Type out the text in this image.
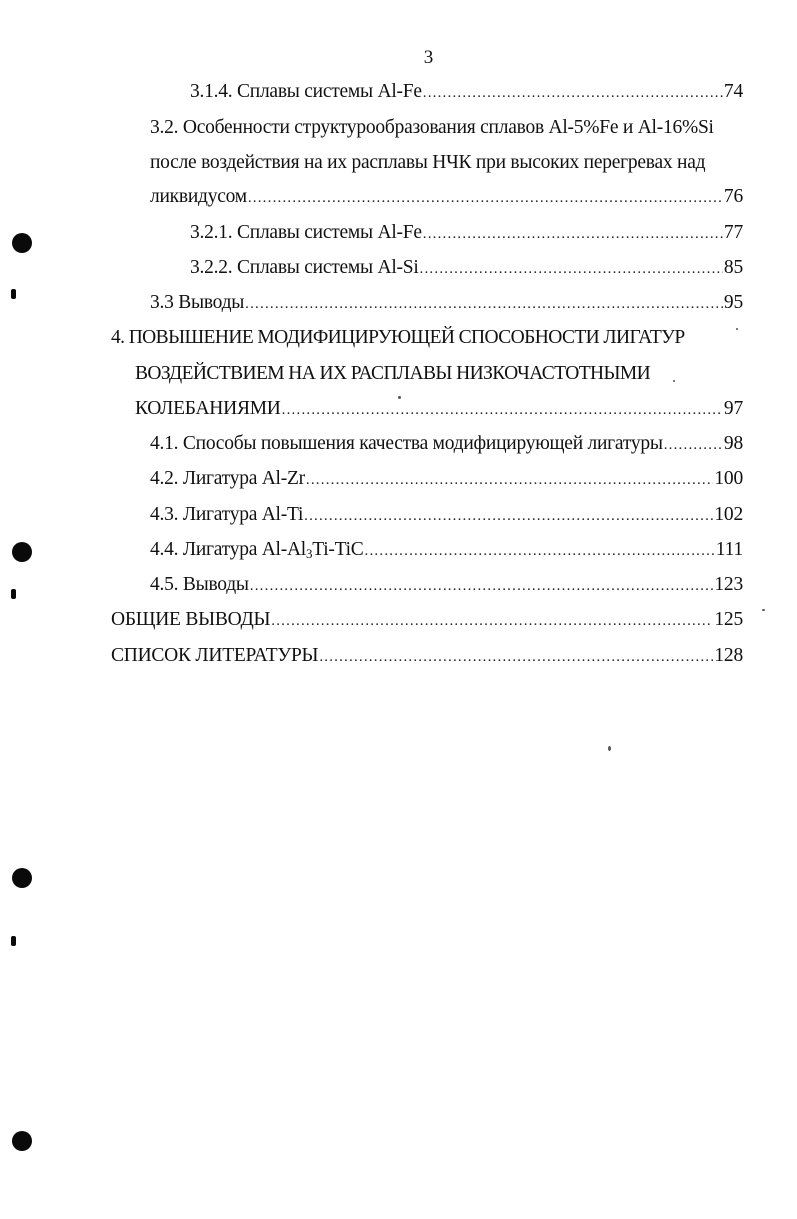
3
3.1.4. Сплавы системы Al-Fe .....	74
3.2. Особенности структурообразования сплавов Al-5%Fe и Al-16%Si
после воздействия на их расплавы НЧК при высоких перегревах над
ликвидусом .....	76
3.2.1. Сплавы системы Al-Fe .....	77
3.2.2. Сплавы системы Al-Si .....	85
3.3 Выводы .....	95
4. ПОВЫШЕНИЕ МОДИФИЦИРУЮЩЕЙ СПОСОБНОСТИ ЛИГАТУР
ВОЗДЕЙСТВИЕМ НА ИХ РАСПЛАВЫ НИЗКОЧАСТОТНЫМИ
КОЛЕБАНИЯМИ .....	97
4.1. Способы повышения качества модифицирующей лигатуры .....	98
4.2. Лигатура Al-Zr .....	100
4.3. Лигатура Al-Ti .....	102
4.4. Лигатура $Al-Al_3Ti$-TiC .....	111
4.5. Выводы .....	123
ОБЩИЕ ВЫВОДЫ .....	125
СПИСОК ЛИТЕРАТУРЫ .....	128
